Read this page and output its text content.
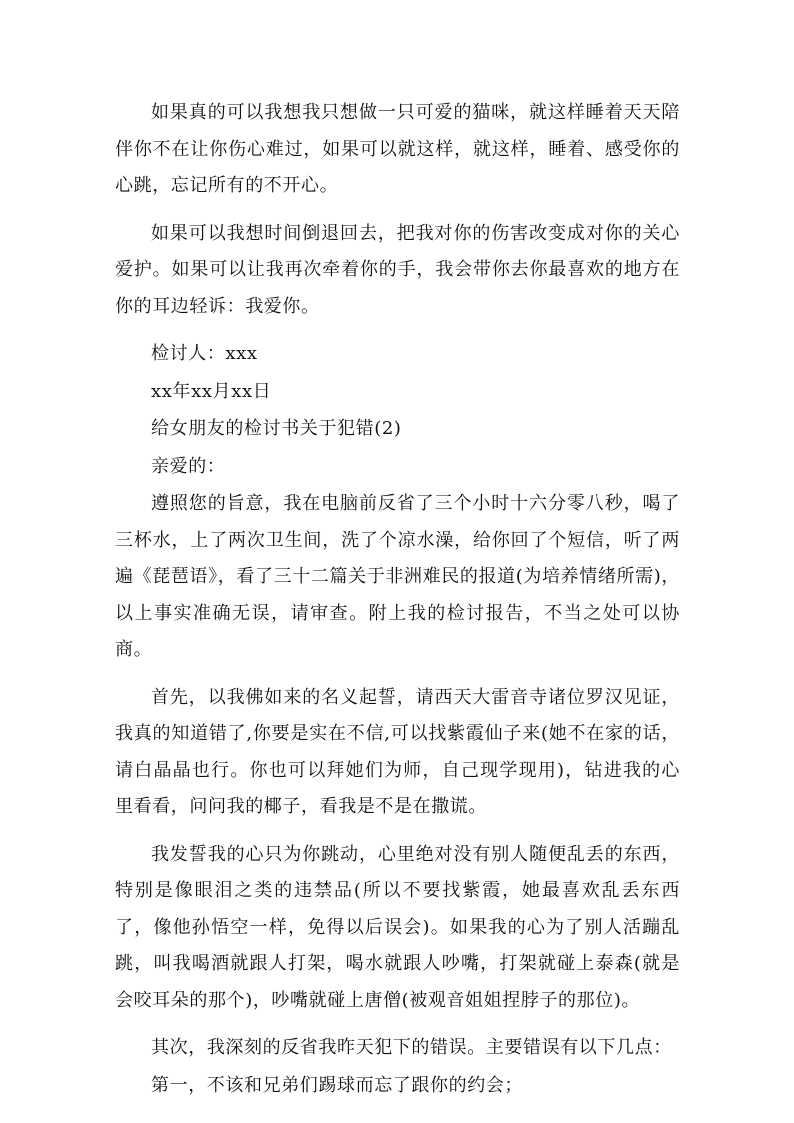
如果真的可以我想我只想做一只可爱的猫咪，就这样睡着天天陪伴你不在让你伤心难过，如果可以就这样，就这样，睡着、感受你的心跳，忘记所有的不开心。

如果可以我想时间倒退回去，把我对你的伤害改变成对你的关心爱护。如果可以让我再次牵着你的手，我会带你去你最喜欢的地方在你的耳边轻诉：我爱你。

检讨人：xxx

xx年xx月xx日

给女朋友的检讨书关于犯错(2)

亲爱的：

遵照您的旨意，我在电脑前反省了三个小时十六分零八秒，喝了三杯水，上了两次卫生间，洗了个凉水澡，给你回了个短信，听了两遍《琵琶语》，看了三十二篇关于非洲难民的报道(为培养情绪所需)，以上事实准确无误，请审查。附上我的检讨报告，不当之处可以协商。

首先，以我佛如来的名义起誓，请西天大雷音寺诸位罗汉见证，我真的知道错了,你要是实在不信,可以找紫霞仙子来(她不在家的话，请白晶晶也行。你也可以拜她们为师，自己现学现用)，钻进我的心里看看，问问我的椰子，看我是不是在撒谎。

我发誓我的心只为你跳动，心里绝对没有别人随便乱丢的东西，特别是像眼泪之类的违禁品(所以不要找紫霞，她最喜欢乱丢东西了，像他孙悟空一样，免得以后误会)。如果我的心为了别人活蹦乱跳，叫我喝酒就跟人打架，喝水就跟人吵嘴，打架就碰上泰森(就是会咬耳朵的那个)，吵嘴就碰上唐僧(被观音姐姐捏脖子的那位)。

其次，我深刻的反省我昨天犯下的错误。主要错误有以下几点：

第一，不该和兄弟们踢球而忘了跟你的约会；
